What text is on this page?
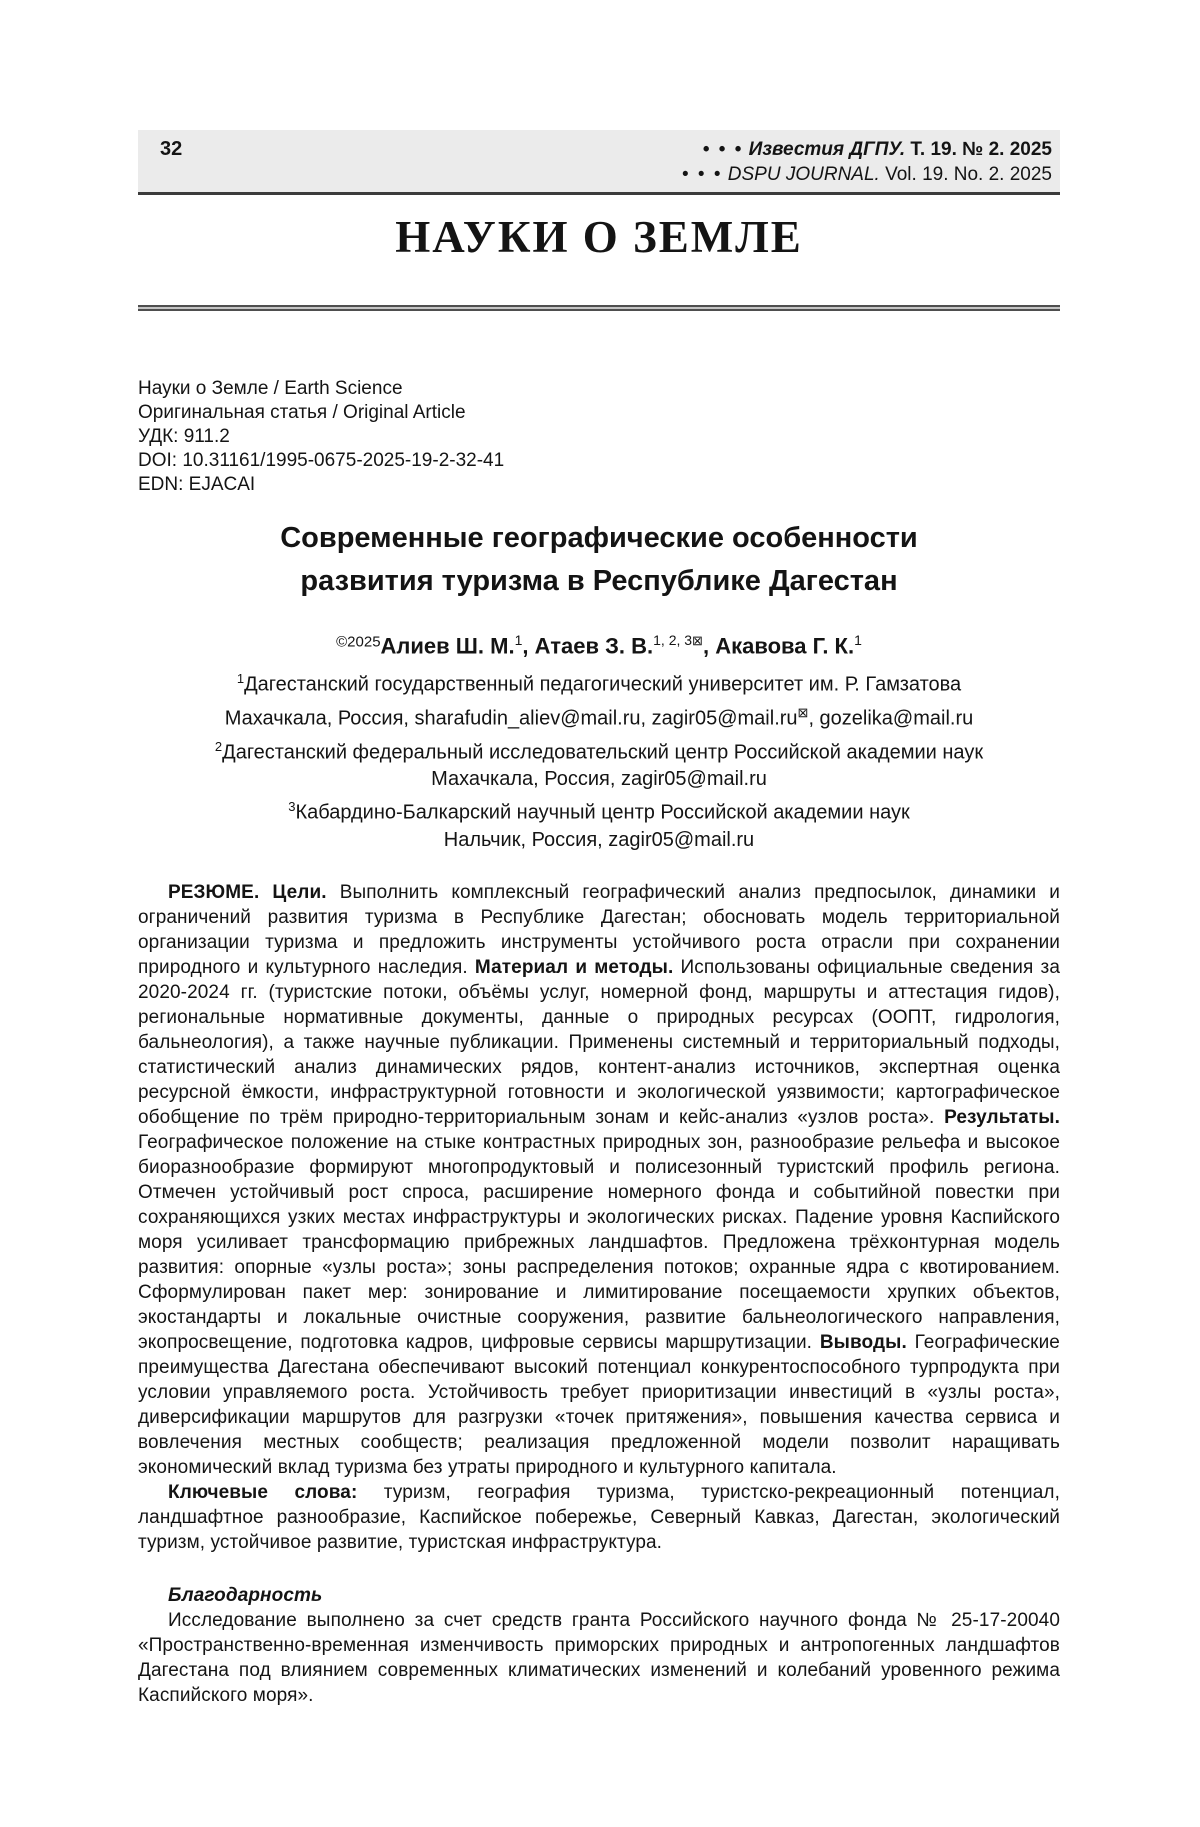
32	• • • Известия ДГПУ. Т. 19. № 2. 2025
• • • DSPU JOURNAL. Vol. 19. No. 2. 2025
НАУКИ О ЗЕМЛЕ
Науки о Земле / Earth Science
Оригинальная статья / Original Article
УДК: 911.2
DOI: 10.31161/1995-0675-2025-19-2-32-41
EDN: EJACAI
Современные географические особенности
развития туризма в Республике Дагестан
$^{©2025}$Алиев Ш. М.$^1$, Атаев З. В.$^{1, 2, 3⊠}$, Акавова Г. К.$^1$
$^1$Дагестанский государственный педагогический университет им. Р. Гамзатова
Махачкала, Россия, sharafudin_aliev@mail.ru, zagir05@mail.ru⊠, gozelika@mail.ru
$^2$Дагестанский федеральный исследовательский центр Российской академии наук
Махачкала, Россия, zagir05@mail.ru
$^3$Кабардино-Балкарский научный центр Российской академии наук
Нальчик, Россия, zagir05@mail.ru

РЕЗЮМЕ. Цели. Выполнить комплексный географический анализ предпосылок, динамики и ограничений развития туризма в Республике Дагестан; обосновать модель территориальной организации туризма и предложить инструменты устойчивого роста отрасли при сохранении природного и культурного наследия. Материал и методы. Использованы официальные сведения за 2020-2024 гг. (туристские потоки, объёмы услуг, номерной фонд, маршруты и аттестация гидов), региональные нормативные документы, данные о природных ресурсах (ООПТ, гидрология, бальнеология), а также научные публикации. Применены системный и территориальный подходы, статистический анализ динамических рядов, контент-анализ источников, экспертная оценка ресурсной ёмкости, инфраструктурной готовности и экологической уязвимости; картографическое обобщение по трём природно-территориальным зонам и кейс-анализ «узлов роста». Результаты. Географическое положение на стыке контрастных природных зон, разнообразие рельефа и высокое биоразнообразие формируют многопродуктовый и полисезонный туристский профиль региона. Отмечен устойчивый рост спроса, расширение номерного фонда и событийной повестки при сохраняющихся узких местах инфраструктуры и экологических рисках. Падение уровня Каспийского моря усиливает трансформацию прибрежных ландшафтов. Предложена трёхконтурная модель развития: опорные «узлы роста»; зоны распределения потоков; охранные ядра с квотированием. Сформулирован пакет мер: зонирование и лимитирование посещаемости хрупких объектов, экостандарты и локальные очистные сооружения, развитие бальнеологического направления, экопросвещение, подготовка кадров, цифровые сервисы маршрутизации. Выводы. Географические преимущества Дагестана обеспечивают высокий потенциал конкурентоспособного турпродукта при условии управляемого роста. Устойчивость требует приоритизации инвестиций в «узлы роста», диверсификации маршрутов для разгрузки «точек притяжения», повышения качества сервиса и вовлечения местных сообществ; реализация предложенной модели позволит наращивать экономический вклад туризма без утраты природного и культурного капитала.

Ключевые слова: туризм, география туризма, туристско-рекреационный потенциал, ландшафтное разнообразие, Каспийское побережье, Северный Кавказ, Дагестан, экологический туризм, устойчивое развитие, туристская инфраструктура.

Благодарность

Исследование выполнено за счет средств гранта Российского научного фонда № 25-17-20040 «Пространственно-временная изменчивость приморских природных и антропогенных ландшафтов Дагестана под влиянием современных климатических изменений и колебаний уровенного режима Каспийского моря».
